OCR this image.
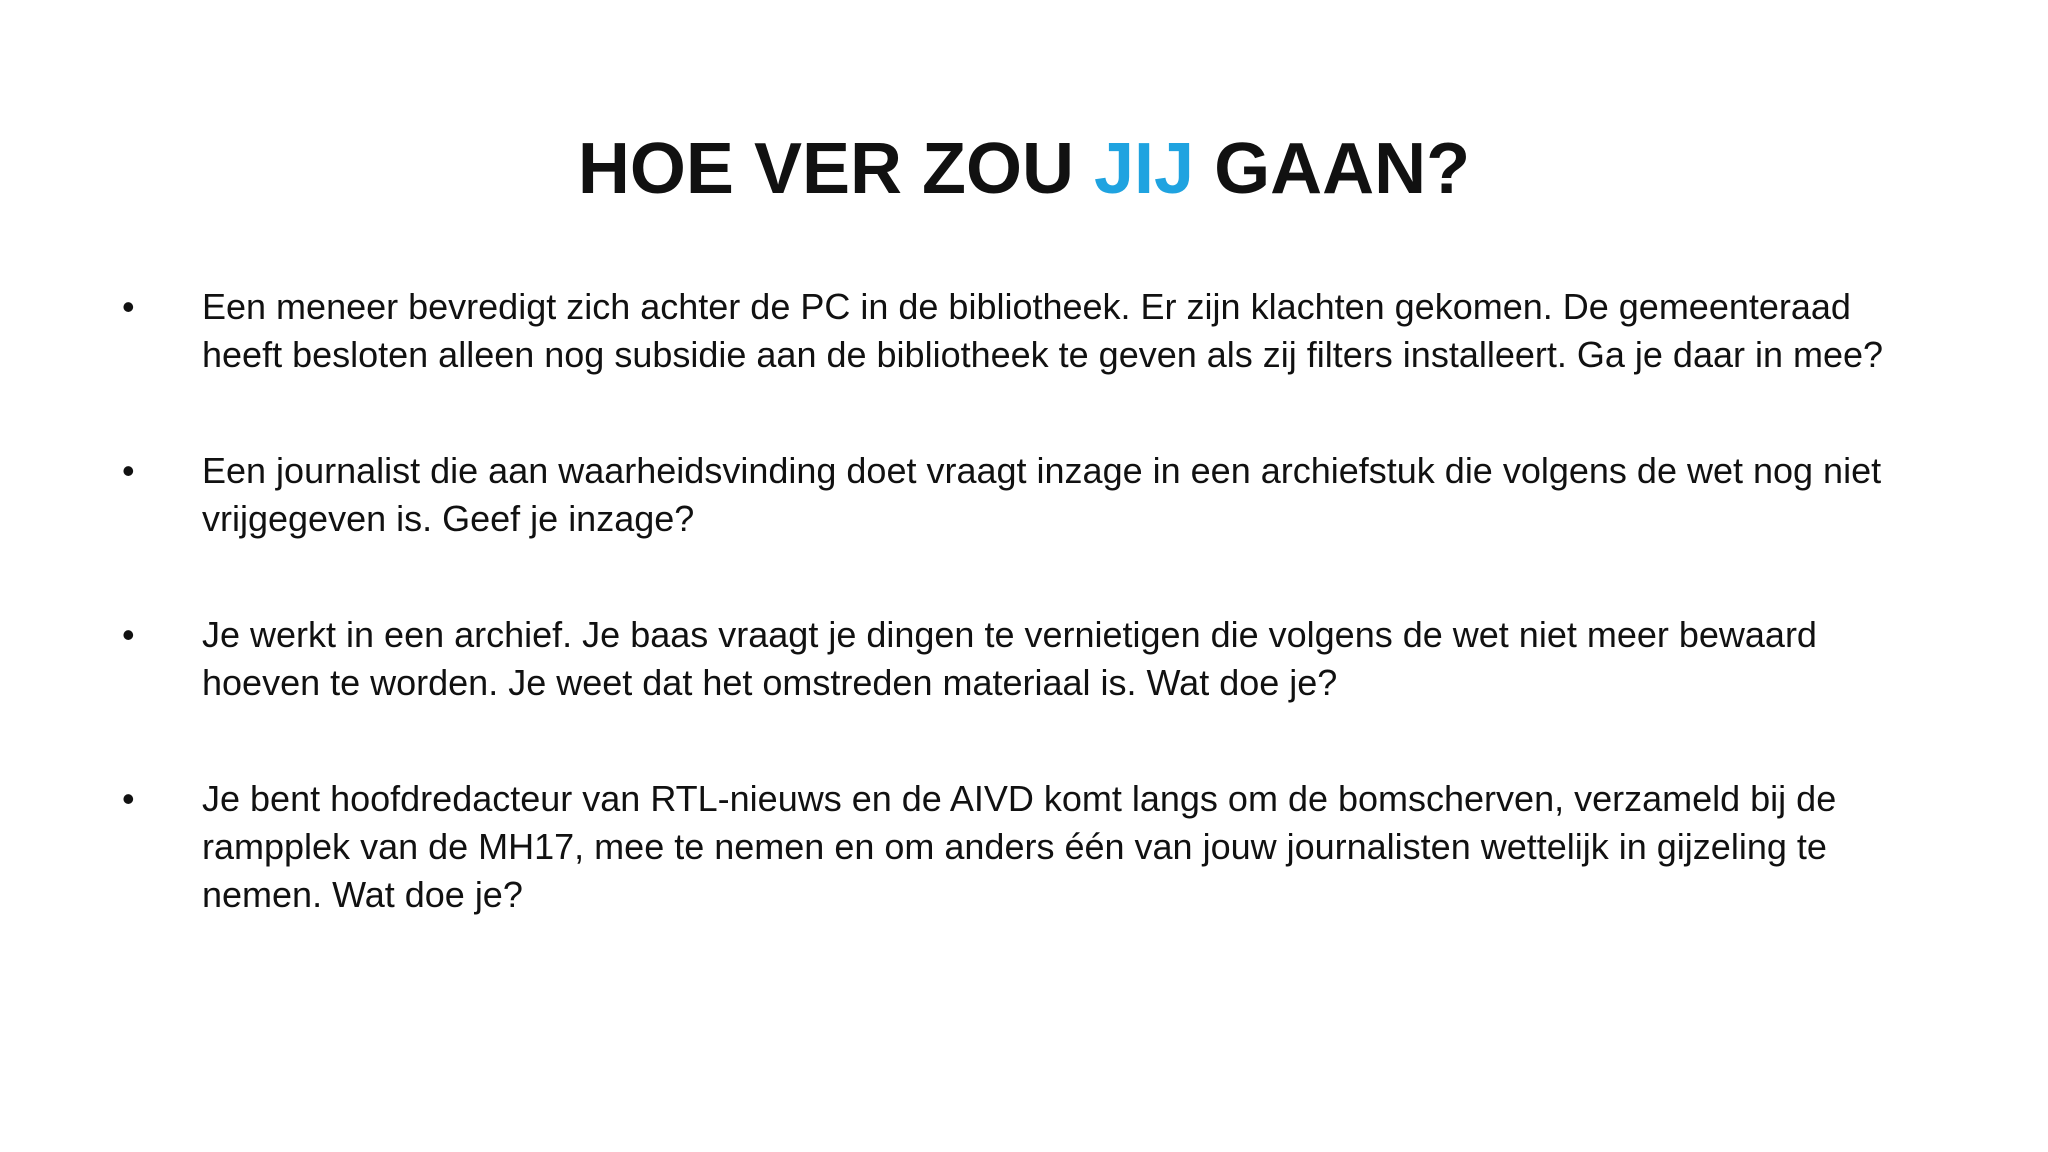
HOE VER ZOU JIJ GAAN?
•	Een meneer bevredigt zich achter de PC in de bibliotheek. Er zijn klachten gekomen. De gemeenteraad
heeft besloten alleen nog subsidie aan de bibliotheek te geven als zij filters installeert. Ga je daar in mee?
•	Een journalist die aan waarheidsvinding doet vraagt inzage in een archiefstuk die volgens de wet nog niet
vrijgegeven is. Geef je inzage?
•	Je werkt in een archief. Je baas vraagt je dingen te vernietigen die volgens de wet niet meer bewaard
hoeven te worden. Je weet dat het omstreden materiaal is. Wat doe je?
•	Je bent hoofdredacteur van RTL-nieuws en de AIVD komt langs om de bomscherven, verzameld bij de
rampplek van de MH17, mee te nemen en om anders één van jouw journalisten wettelijk in gijzeling te
nemen. Wat doe je?
